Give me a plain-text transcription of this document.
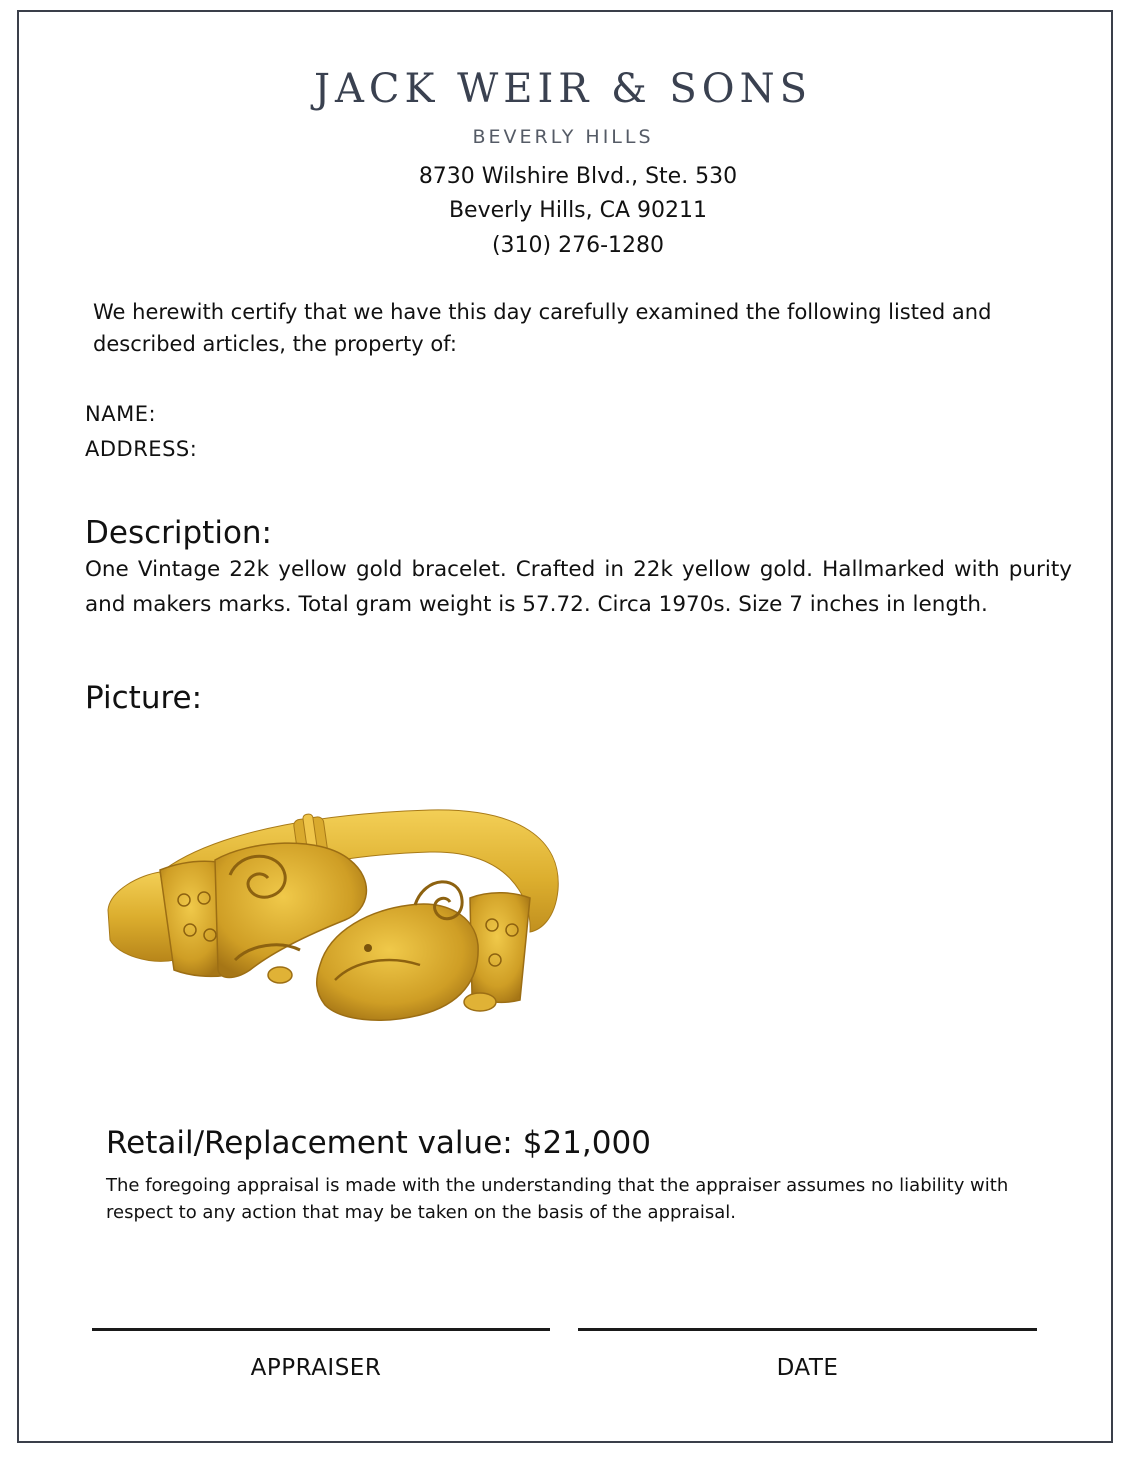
JACK WEIR & SONS
BEVERLY HILLS
8730 Wilshire Blvd., Ste. 530
Beverly Hills, CA 90211
(310) 276-1280
We herewith certify that we have this day carefully examined the following listed and described articles, the property of:
NAME:
ADDRESS:
Description:
One Vintage 22k yellow gold bracelet. Crafted in 22k yellow gold. Hallmarked with purity and makers marks. Total gram weight is 57.72. Circa 1970s. Size 7 inches in length.
Picture:
Retail/Replacement value: $21,000
The foregoing appraisal is made with the understanding that the appraiser assumes no liability with respect to any action that may be taken on the basis of the appraisal.
APPRAISER	DATE
